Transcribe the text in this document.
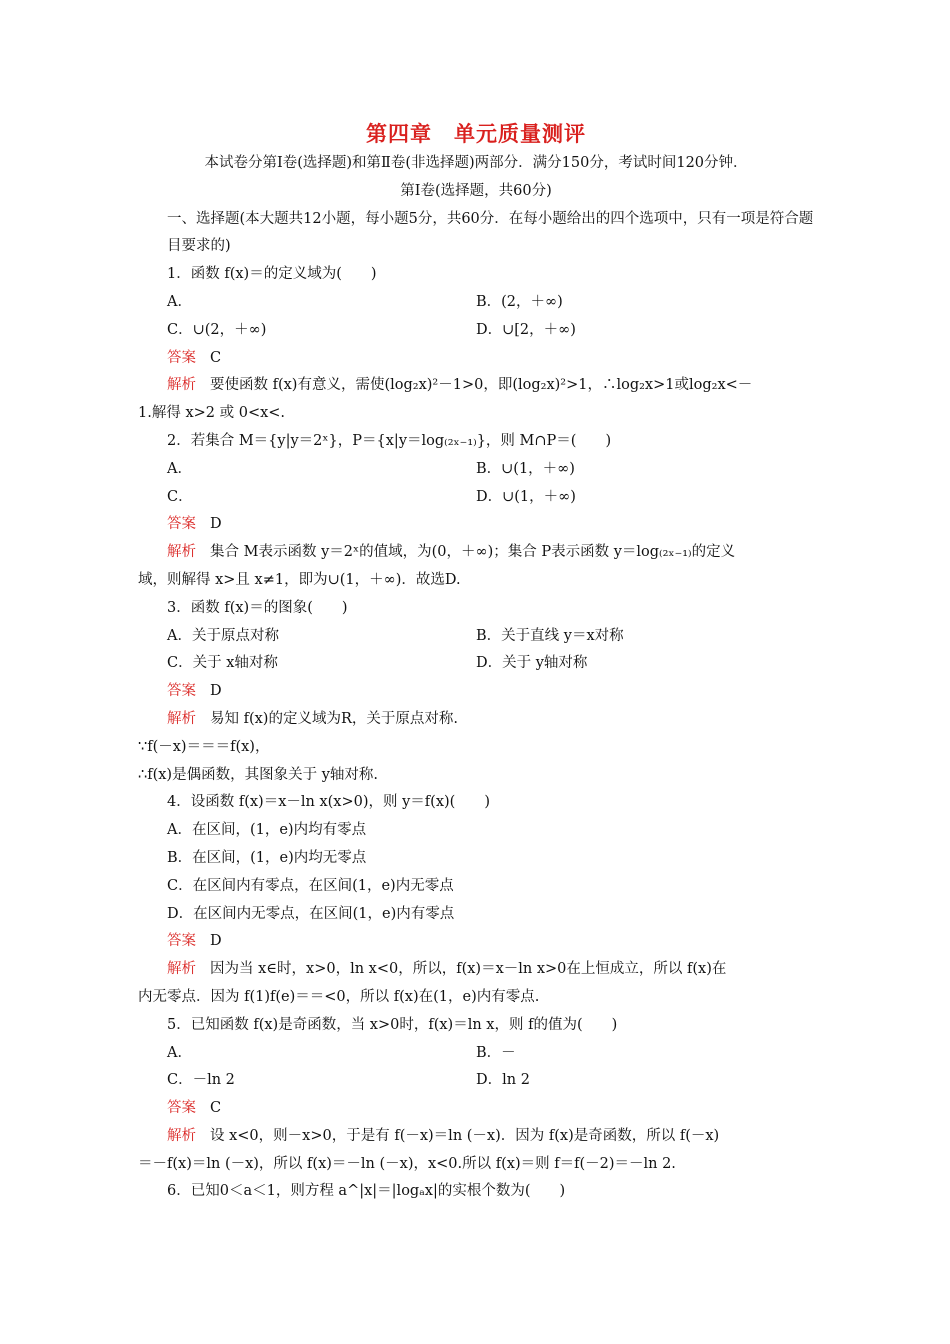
第四章　单元质量测评
本试卷分第Ⅰ卷(选择题)和第Ⅱ卷(非选择题)两部分．满分150分，考试时间120分钟．
第Ⅰ卷(选择题，共60分)
一、选择题(本大题共12小题，每小题5分，共60分．在每小题给出的四个选项中，只有一项是符合题目要求的)
1．函数 f(x)＝的定义域为(　　)
A．	B．(2，＋∞)
C．∪(2，＋∞)	D．∪[2，＋∞)
答案 C
解析 要使函数 f(x)有意义，需使(log₂x)²－1>0，即(log₂x)²>1，∴log₂x>1或log₂x<－
1.解得 x>2 或 0<x<.
2．若集合 M＝{y|y＝2ˣ}，P＝{x|y＝log₍₂ₓ₋₁₎}，则 M∩P＝(　　)
A．	B．∪(1，＋∞)
C．	D．∪(1，＋∞)
答案 D
解析 集合 M表示函数 y＝2ˣ的值域，为(0，＋∞)；集合 P表示函数 y＝log₍₂ₓ₋₁₎的定义
域，则解得 x>且 x≠1，即为∪(1，＋∞)．故选D.
3．函数 f(x)＝的图象(　　)
A．关于原点对称	B．关于直线 y＝x对称
C．关于 x轴对称	D．关于 y轴对称
答案 D
解析 易知 f(x)的定义域为R，关于原点对称.
∵f(－x)＝＝＝f(x)，
∴f(x)是偶函数，其图象关于 y轴对称.
4．设函数 f(x)＝x－ln x(x>0)，则 y＝f(x)(　　)
A．在区间，(1，e)内均有零点
B．在区间，(1，e)内均无零点
C．在区间内有零点，在区间(1，e)内无零点
D．在区间内无零点，在区间(1，e)内有零点
答案 D
解析 因为当 x∈时，x>0，ln x<0，所以，f(x)＝x－ln x>0在上恒成立，所以 f(x)在
内无零点．因为 f(1)f(e)＝＝<0，所以 f(x)在(1，e)内有零点.
5．已知函数 f(x)是奇函数，当 x>0时，f(x)＝ln x，则 f的值为(　　)
A．	B．－
C．－ln 2	D．ln 2
答案 C
解析 设 x<0，则－x>0，于是有 f(－x)＝ln (－x)．因为 f(x)是奇函数，所以 f(－x)
＝－f(x)＝ln (－x)，所以 f(x)＝－ln (－x)，x<0.所以 f(x)＝则 f＝f(－2)＝－ln 2.
6．已知0＜a＜1，则方程 a^|x|＝|logₐx|的实根个数为(　　)
